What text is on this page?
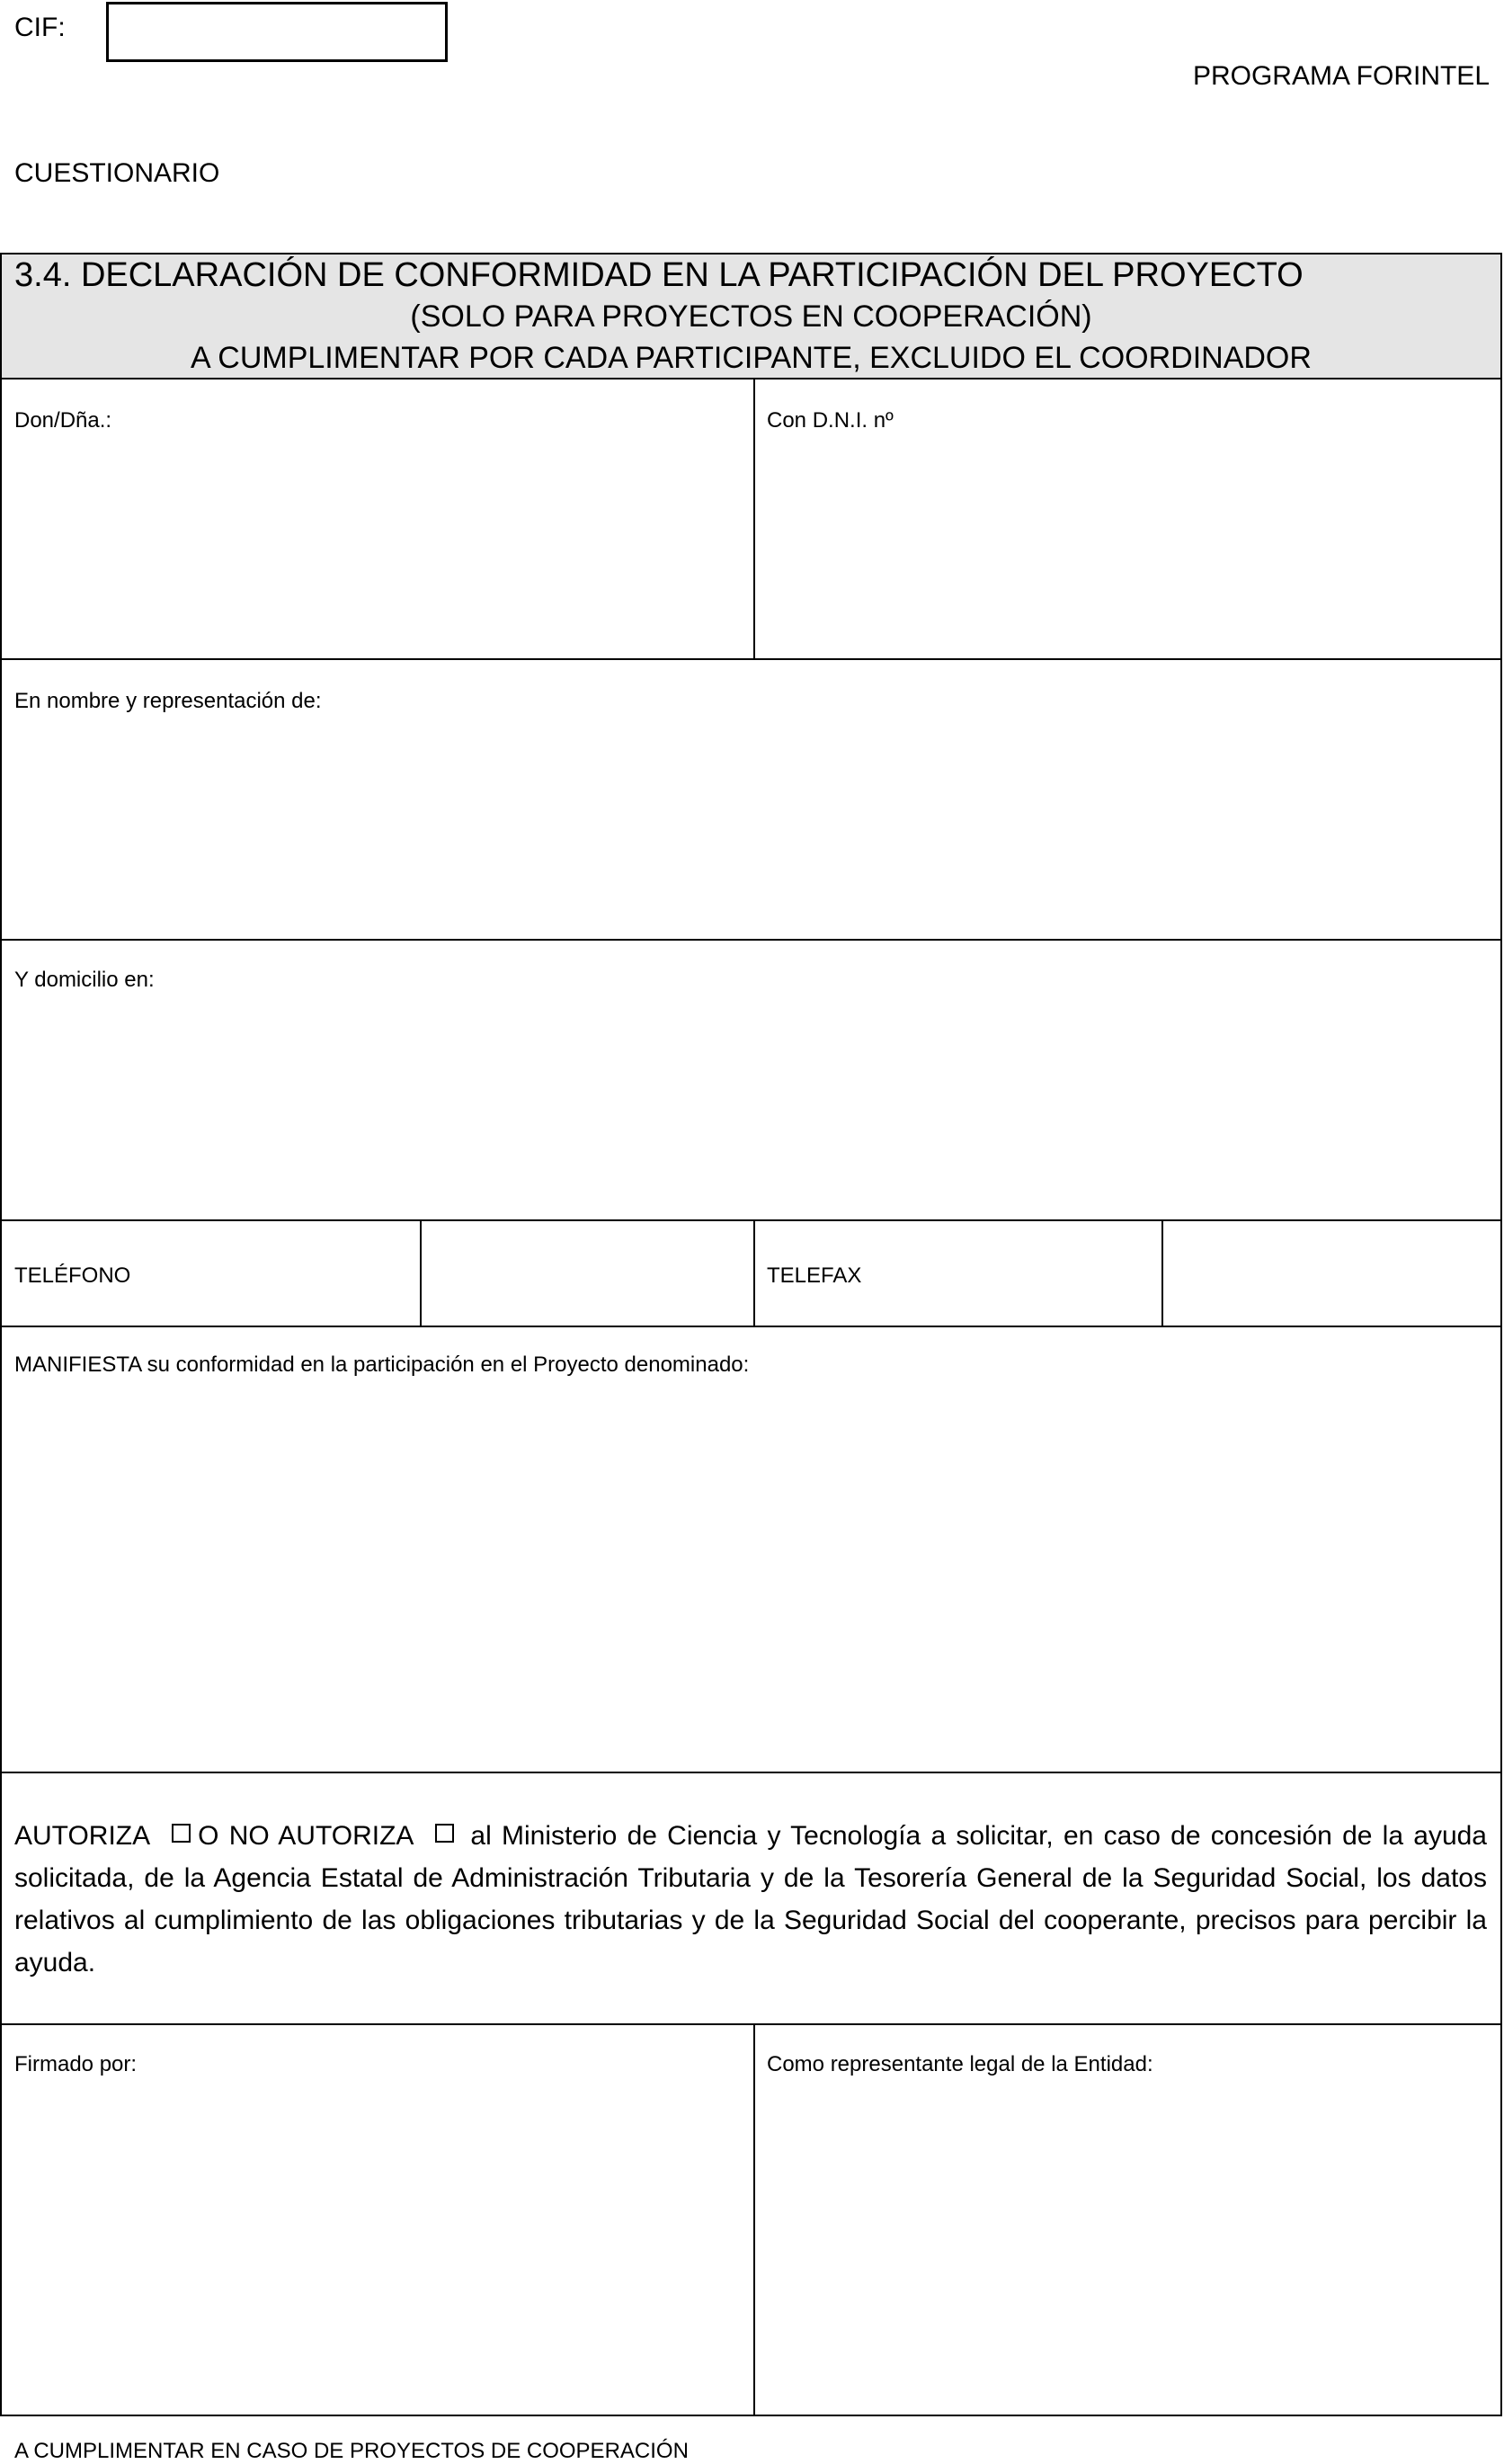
CIF:
PROGRAMA FORINTEL
CUESTIONARIO
3.4. DECLARACIÓN DE CONFORMIDAD EN LA PARTICIPACIÓN DEL PROYECTO
(SOLO PARA PROYECTOS EN COOPERACIÓN)
A CUMPLIMENTAR POR CADA PARTICIPANTE, EXCLUIDO EL COORDINADOR
Don/Dña.:	Con D.N.I. nº
En nombre y representación de:
Y domicilio en:
TELÉFONO	TELEFAX
MANIFIESTA su conformidad en la participación en el Proyecto denominado:
AUTORIZA O NO AUTORIZA al Ministerio de Ciencia y Tecnología a solicitar, en caso de concesión de la ayuda solicitada, de la Agencia Estatal de Administración Tributaria y de la Tesorería General de la Seguridad Social, los datos relativos al cumplimiento de las obligaciones tributarias y de la Seguridad Social del cooperante, precisos para percibir la ayuda.
Firmado por:	Como representante legal de la Entidad:
A CUMPLIMENTAR EN CASO DE PROYECTOS DE COOPERACIÓN
